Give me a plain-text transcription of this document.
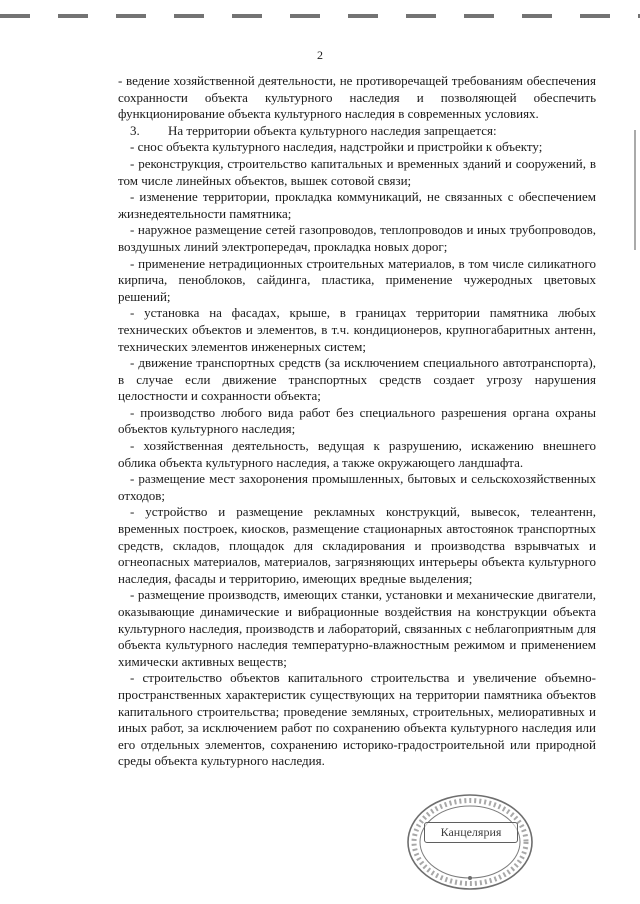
2

- ведение хозяйственной деятельности, не противоречащей требованиям обеспечения сохранности объекта культурного наследия и позволяющей обеспечить функционирование объекта культурного наследия в современных условиях.

3. На территории объекта культурного наследия запрещается:

- снос объекта культурного наследия, надстройки и пристройки к объекту;

- реконструкция, строительство капитальных и временных зданий и сооружений, в том числе линейных объектов, вышек сотовой связи;

- изменение территории, прокладка коммуникаций, не связанных с обеспечением жизнедеятельности памятника;

- наружное размещение сетей газопроводов, теплопроводов и иных трубопроводов, воздушных линий электропередач, прокладка новых дорог;

- применение нетрадиционных строительных материалов, в том числе силикатного кирпича, пеноблоков, сайдинга, пластика, применение чужеродных цветовых решений;

- установка на фасадах, крыше, в границах территории памятника любых технических объектов и элементов, в т.ч. кондиционеров, крупногабаритных антенн, технических элементов инженерных систем;

- движение транспортных средств (за исключением специального автотранспорта), в случае если движение транспортных средств создает угрозу нарушения целостности и сохранности объекта;

- производство любого вида работ без специального разрешения органа охраны объектов культурного наследия;

- хозяйственная деятельность, ведущая к разрушению, искажению внешнего облика объекта культурного наследия, а также окружающего ландшафта.

- размещение мест захоронения промышленных, бытовых и сельскохозяйственных отходов;

- устройство и размещение рекламных конструкций, вывесок, телеантенн, временных построек, киосков, размещение стационарных автостоянок транспортных средств, складов, площадок для складирования и производства взрывчатых и огнеопасных материалов, материалов, загрязняющих интерьеры объекта культурного наследия, фасады и территорию, имеющих вредные выделения;

- размещение производств, имеющих станки, установки и механические двигатели, оказывающие динамические и вибрационные воздействия на конструкции объекта культурного наследия, производств и лабораторий, связанных с неблагоприятным для объекта культурного наследия температурно-влажностным режимом и применением химически активных веществ;

- строительство объектов капитального строительства и увеличение объемно-пространственных характеристик существующих на территории памятника объектов капитального строительства; проведение земляных, строительных, мелиоративных и иных работ, за исключением работ по сохранению объекта культурного наследия или его отдельных элементов, сохранению историко-градостроительной или природной среды объекта культурного наследия.

Канцелярия
